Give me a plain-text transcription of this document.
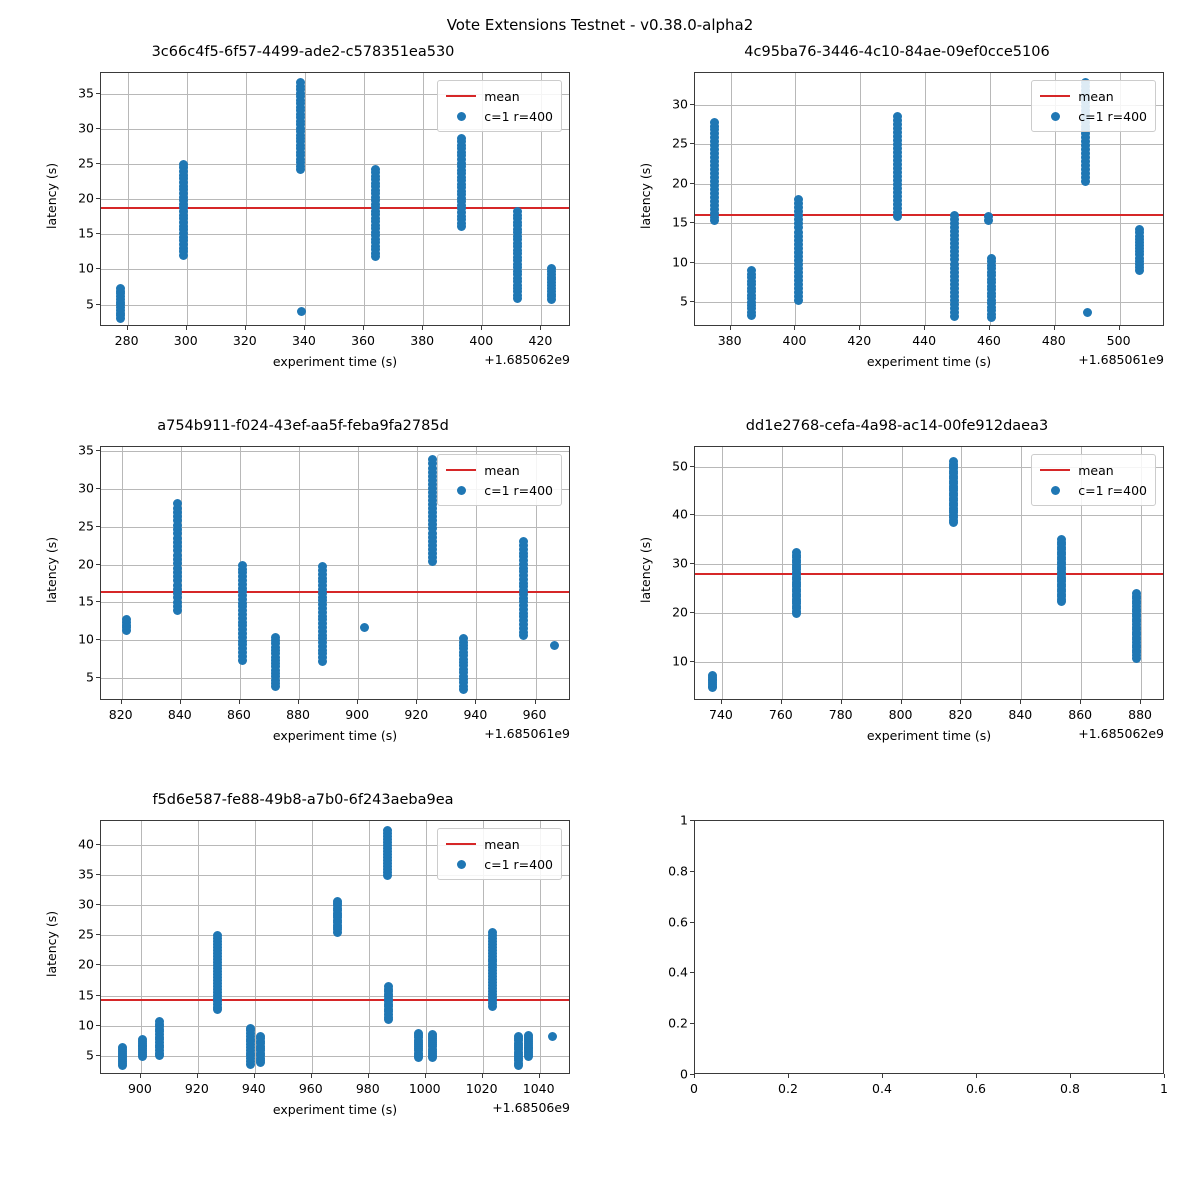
Vote Extensions Testnet - v0.38.0-alpha2
3c66c4f5-6f57-4499-ade2-c578351ea530
280	300	320	340	360	380	400	420
5
10
15
20
25
30
35
experiment time (s)
latency (s)
+1.685062e9
mean
c=1 r=400
4c95ba76-3446-4c10-84ae-09ef0cce5106
380	400	420	440	460	480	500
5
10
15
20
25
30
experiment time (s)
latency (s)
+1.685061e9
mean
c=1 r=400
a754b911-f024-43ef-aa5f-feba9fa2785d
820	840	860	880	900	920	940	960
5
10
15
20
25
30
35
experiment time (s)
latency (s)
+1.685061e9
mean
c=1 r=400
dd1e2768-cefa-4a98-ac14-00fe912daea3
740	760	780	800	820	840	860	880
10
20
30
40
50
experiment time (s)
latency (s)
+1.685062e9
mean
c=1 r=400
f5d6e587-fe88-49b8-a7b0-6f243aeba9ea
900	920	940	960	980 1000 1020 1040
5
10
15
20
25
30
35
40
experiment time (s)
latency (s)
+1.68506e9
mean
c=1 r=400
0	0.2	0.4	0.6	0.8	1
0
0.2
0.4
0.6
0.8
1
